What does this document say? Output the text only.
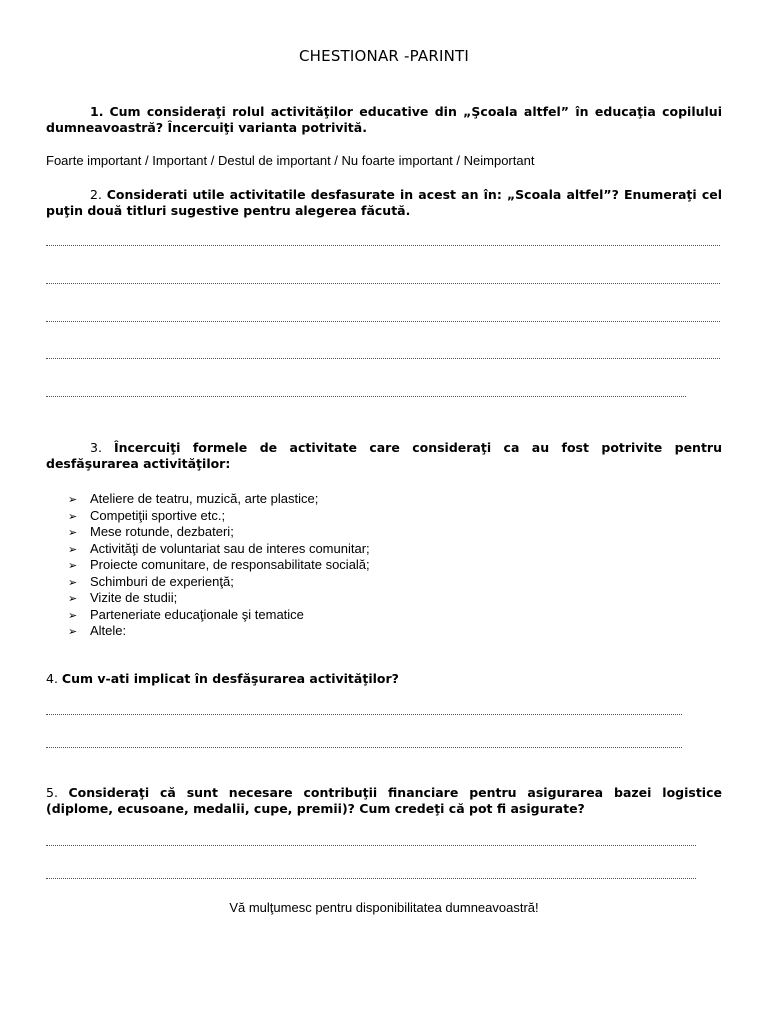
CHESTIONAR -PARINTI
1. Cum consideraţi rolul activităţilor educative din „Şcoala altfel” în educaţia copilului dumneavoastră? Încercuiţi varianta potrivită.
Foarte important / Important / Destul de important / Nu foarte important / Neimportant
2. Considerati utile activitatile desfasurate in acest an în: „Scoala altfel”? Enumeraţi cel puţin două titluri sugestive pentru alegerea făcută.
3. Încercuiţi formele de activitate care consideraţi ca au fost potrivite pentru desfăşurarea activităţilor:
➢ Ateliere de teatru, muzică, arte plastice;
➢ Competiţii sportive etc.;
➢ Mese rotunde, dezbateri;
➢ Activităţi de voluntariat sau de interes comunitar;
➢ Proiecte comunitare, de responsabilitate socială;
➢ Schimburi de experienţă;
➢ Vizite de studii;
➢ Parteneriate educaţionale şi tematice
➢ Altele:
4. Cum v-ati implicat în desfăşurarea activităţilor?
5. Consideraţi că sunt necesare contribuţii financiare pentru asigurarea bazei logistice (diplome, ecusoane, medalii, cupe, premii)? Cum credeţi că pot fi asigurate?
Vă mulţumesc pentru disponibilitatea dumneavoastră!
